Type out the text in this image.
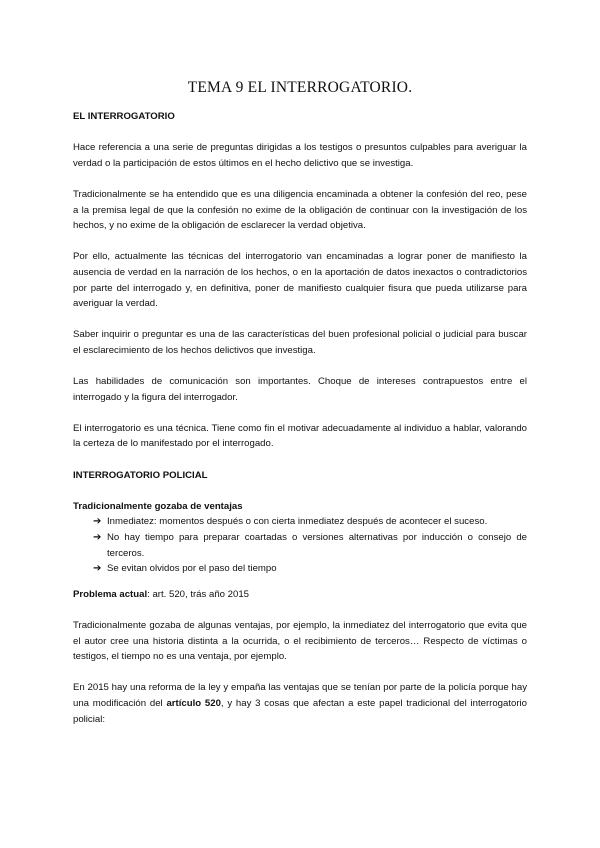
TEMA 9 EL INTERROGATORIO.

EL INTERROGATORIO

Hace referencia a una serie de preguntas dirigidas a los testigos o presuntos culpables para averiguar la verdad o la participación de estos últimos en el hecho delictivo que se investiga.

Tradicionalmente se ha entendido que es una diligencia encaminada a obtener la confesión del reo, pese a la premisa legal de que la confesión no exime de la obligación de continuar con la investigación de los hechos, y no exime de la obligación de esclarecer la verdad objetiva.

Por ello, actualmente las técnicas del interrogatorio van encaminadas a lograr poner de manifiesto la ausencia de verdad en la narración de los hechos, o en la aportación de datos inexactos o contradictorios por parte del interrogado y, en definitiva, poner de manifiesto cualquier fisura que pueda utilizarse para averiguar la verdad.

Saber inquirir o preguntar es una de las características del buen profesional policial o judicial para buscar el esclarecimiento de los hechos delictivos que investiga.

Las habilidades de comunicación son importantes. Choque de intereses contrapuestos entre el interrogado y la figura del interrogador.

El interrogatorio es una técnica. Tiene como fin el motivar adecuadamente al individuo a hablar, valorando la certeza de lo manifestado por el interrogado.

INTERROGATORIO POLICIAL

Tradicionalmente gozaba de ventajas

➔ Inmediatez: momentos después o con cierta inmediatez después de acontecer el suceso.
➔ No hay tiempo para preparar coartadas o versiones alternativas por inducción o consejo de terceros.
➔ Se evitan olvidos por el paso del tiempo

Problema actual: art. 520, trás año 2015

Tradicionalmente gozaba de algunas ventajas, por ejemplo, la inmediatez del interrogatorio que evita que el autor cree una historia distinta a la ocurrida, o el recibimiento de terceros… Respecto de víctimas o testigos, el tiempo no es una ventaja, por ejemplo.

En 2015 hay una reforma de la ley y empaña las ventajas que se tenían por parte de la policía porque hay una modificación del artículo 520, y hay 3 cosas que afectan a este papel tradicional del interrogatorio policial:
